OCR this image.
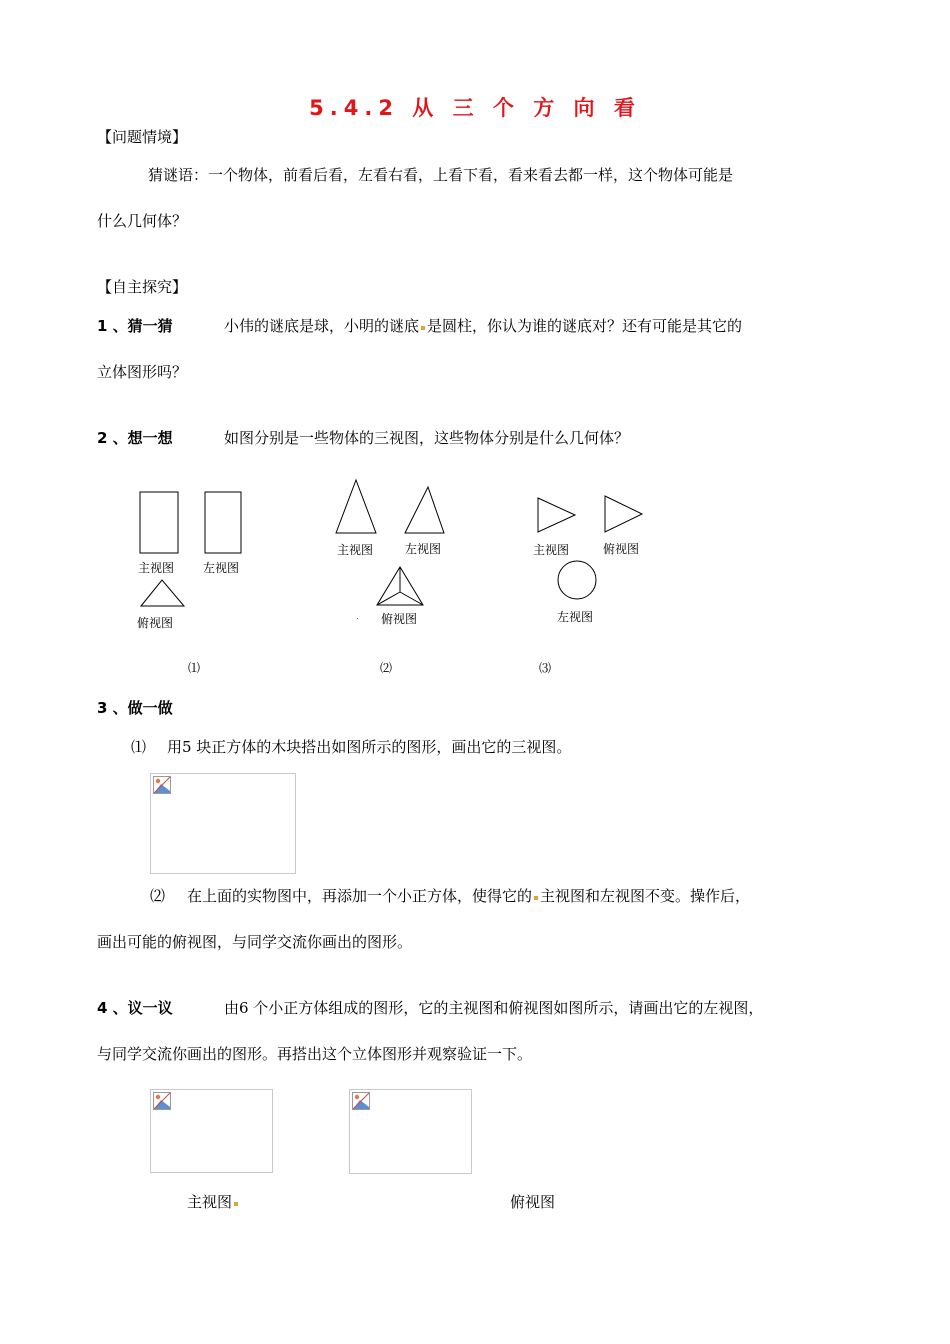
5.4.2 从 三 个 方 向 看
【问题情境】
猜谜语：一个物体，前看后看，左看右看，上看下看，看来看去都一样，这个物体可能是
什么几何体？
【自主探究】
1 、猜一猜	小伟的谜底是球，小明的谜底 是圆柱，你认为谁的谜底对？还有可能是其它的
立体图形吗？
2 、想一想	如图分别是一些物体的三视图，这些物体分别是什么几何体？
主视图 左视图
俯视图
⑴
主视图	左视图
俯视图
⑵
主视图	俯视图
左视图
⑶
3 、做一做
⑴ 用5 块正方体的木块搭出如图所示的图形，画出它的三视图。
⑵ 在上面的实物图中，再添加一个小正方体，使得它的 主视图和左视图不变。操作后，
画出可能的俯视图，与同学交流你画出的图形。
4 、议一议	由6 个小正方体组成的图形，它的主视图和俯视图如图所示，请画出它的左视图，
与同学交流你画出的图形。再搭出这个立体图形并观察验证一下。
主视图	俯视图
